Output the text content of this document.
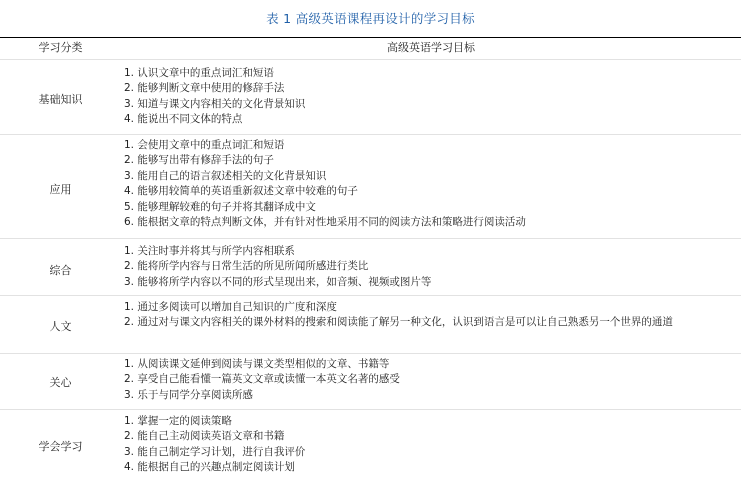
表 1 高级英语课程再设计的学习目标
学习分类	高级英语学习目标
基础知识
1. 认识文章中的重点词汇和短语
2. 能够判断文章中使用的修辞手法
3. 知道与课文内容相关的文化背景知识
4. 能说出不同文体的特点
应用
1. 会使用文章中的重点词汇和短语
2. 能够写出带有修辞手法的句子
3. 能用自己的语言叙述相关的文化背景知识
4. 能够用较简单的英语重新叙述文章中较难的句子
5. 能够理解较难的句子并将其翻译成中文
6. 能根据文章的特点判断文体，并有针对性地采用不同的阅读方法和策略进行阅读活动
综合
1. 关注时事并将其与所学内容相联系
2. 能将所学内容与日常生活的所见所闻所感进行类比
3. 能够将所学内容以不同的形式呈现出来，如音频、视频或图片等
人文
1. 通过多阅读可以增加自己知识的广度和深度
2. 通过对与课文内容相关的课外材料的搜索和阅读能了解另一种文化，认识到语言是可以让自己熟悉另一个世界的通道
关心
1. 从阅读课文延伸到阅读与课文类型相似的文章、书籍等
2. 享受自己能看懂一篇英文文章或读懂一本英文名著的感受
3. 乐于与同学分享阅读所感
学会学习
1. 掌握一定的阅读策略
2. 能自己主动阅读英语文章和书籍
3. 能自己制定学习计划，进行自我评价
4. 能根据自己的兴趣点制定阅读计划
